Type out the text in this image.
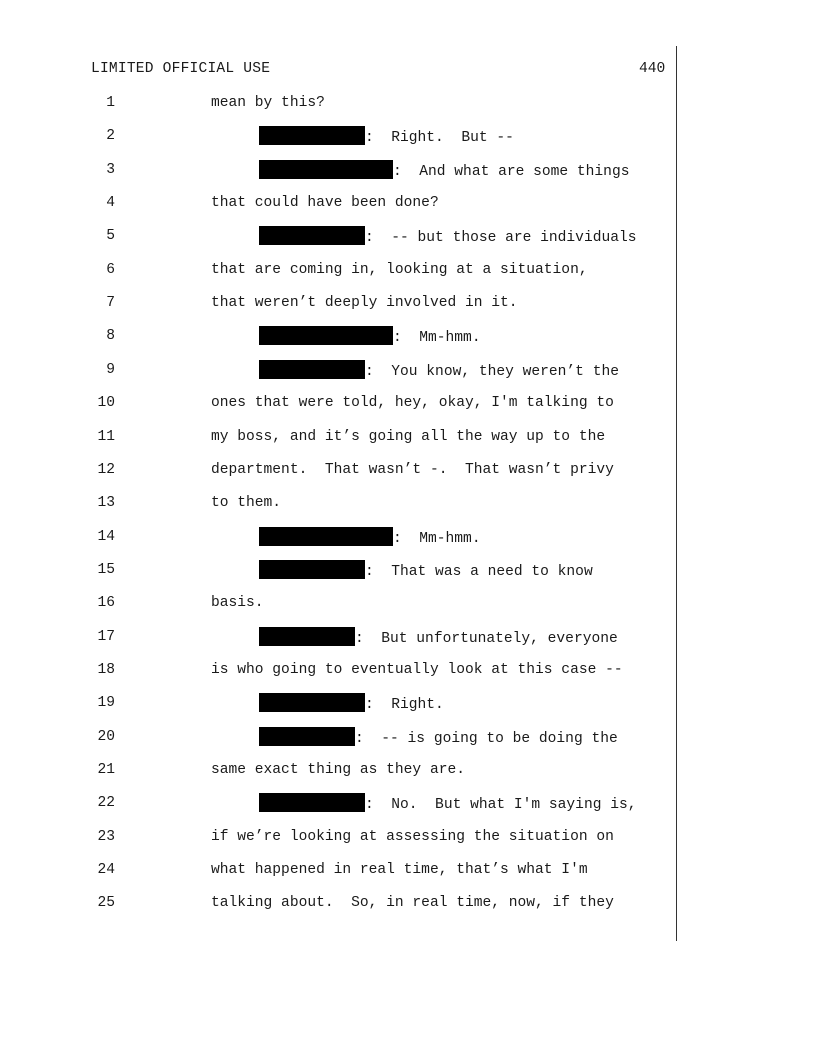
LIMITED OFFICIAL USE	440
1	mean by this?
2	:  Right.  But --
3	:  And what are some things
4	that could have been done?
5	:  -- but those are individuals
6	that are coming in, looking at a situation,
7	that weren’t deeply involved in it.
8	:  Mm-hmm.
9	:  You know, they weren’t the
10	ones that were told, hey, okay, I'm talking to
11	my boss, and it’s going all the way up to the
12	department.  That wasn’t -.  That wasn’t privy
13	to them.
14	:  Mm-hmm.
15	:  That was a need to know
16	basis.
17	:  But unfortunately, everyone
18	is who going to eventually look at this case --
19	:  Right.
20	:  -- is going to be doing the
21	same exact thing as they are.
22	:  No.  But what I'm saying is,
23	if we’re looking at assessing the situation on
24	what happened in real time, that’s what I'm
25	talking about.  So, in real time, now, if they
